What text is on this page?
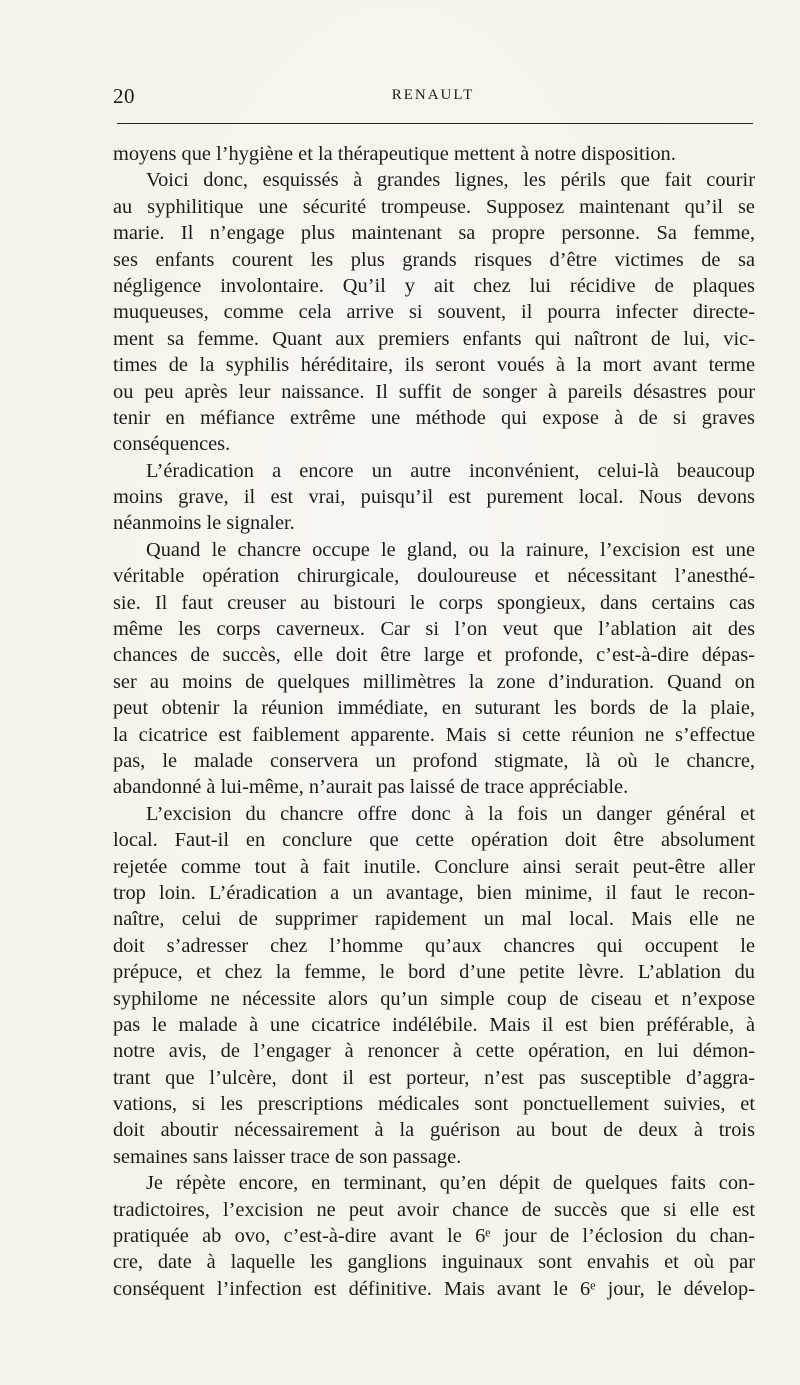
20	RENAULT
moyens que l’hygiène et la thérapeutique mettent à notre disposition.
Voici donc, esquissés à grandes lignes, les périls que fait courir
au syphilitique une sécurité trompeuse. Supposez maintenant qu’il se
marie. Il n’engage plus maintenant sa propre personne. Sa femme,
ses enfants courent les plus grands risques d’être victimes de sa
négligence involontaire. Qu’il y ait chez lui récidive de plaques
muqueuses, comme cela arrive si souvent, il pourra infecter directe-
ment sa femme. Quant aux premiers enfants qui naîtront de lui, vic-
times de la syphilis héréditaire, ils seront voués à la mort avant terme
ou peu après leur naissance. Il suffit de songer à pareils désastres pour
tenir en méfiance extrême une méthode qui expose à de si graves
conséquences.
L’éradication a encore un autre inconvénient, celui-là beaucoup
moins grave, il est vrai, puisqu’il est purement local. Nous devons
néanmoins le signaler.
Quand le chancre occupe le gland, ou la rainure, l’excision est une
véritable opération chirurgicale, douloureuse et nécessitant l’anesthé-
sie. Il faut creuser au bistouri le corps spongieux, dans certains cas
même les corps caverneux. Car si l’on veut que l’ablation ait des
chances de succès, elle doit être large et profonde, c’est-à-dire dépas-
ser au moins de quelques millimètres la zone d’induration. Quand on
peut obtenir la réunion immédiate, en suturant les bords de la plaie,
la cicatrice est faiblement apparente. Mais si cette réunion ne s’effectue
pas, le malade conservera un profond stigmate, là où le chancre,
abandonné à lui-même, n’aurait pas laissé de trace appréciable.
L’excision du chancre offre donc à la fois un danger général et
local. Faut-il en conclure que cette opération doit être absolument
rejetée comme tout à fait inutile. Conclure ainsi serait peut-être aller
trop loin. L’éradication a un avantage, bien minime, il faut le recon-
naître, celui de supprimer rapidement un mal local. Mais elle ne
doit s’adresser chez l’homme qu’aux chancres qui occupent le
prépuce, et chez la femme, le bord d’une petite lèvre. L’ablation du
syphilome ne nécessite alors qu’un simple coup de ciseau et n’expose
pas le malade à une cicatrice indélébile. Mais il est bien préférable, à
notre avis, de l’engager à renoncer à cette opération, en lui démon-
trant que l’ulcère, dont il est porteur, n’est pas susceptible d’aggra-
vations, si les prescriptions médicales sont ponctuellement suivies, et
doit aboutir nécessairement à la guérison au bout de deux à trois
semaines sans laisser trace de son passage.
Je répète encore, en terminant, qu’en dépit de quelques faits con-
tradictoires, l’excision ne peut avoir chance de succès que si elle est
pratiquée ab ovo, c’est-à-dire avant le 6ᵉ jour de l’éclosion du chan-
cre, date à laquelle les ganglions inguinaux sont envahis et où par
conséquent l’infection est définitive. Mais avant le 6ᵉ jour, le dévelop-
